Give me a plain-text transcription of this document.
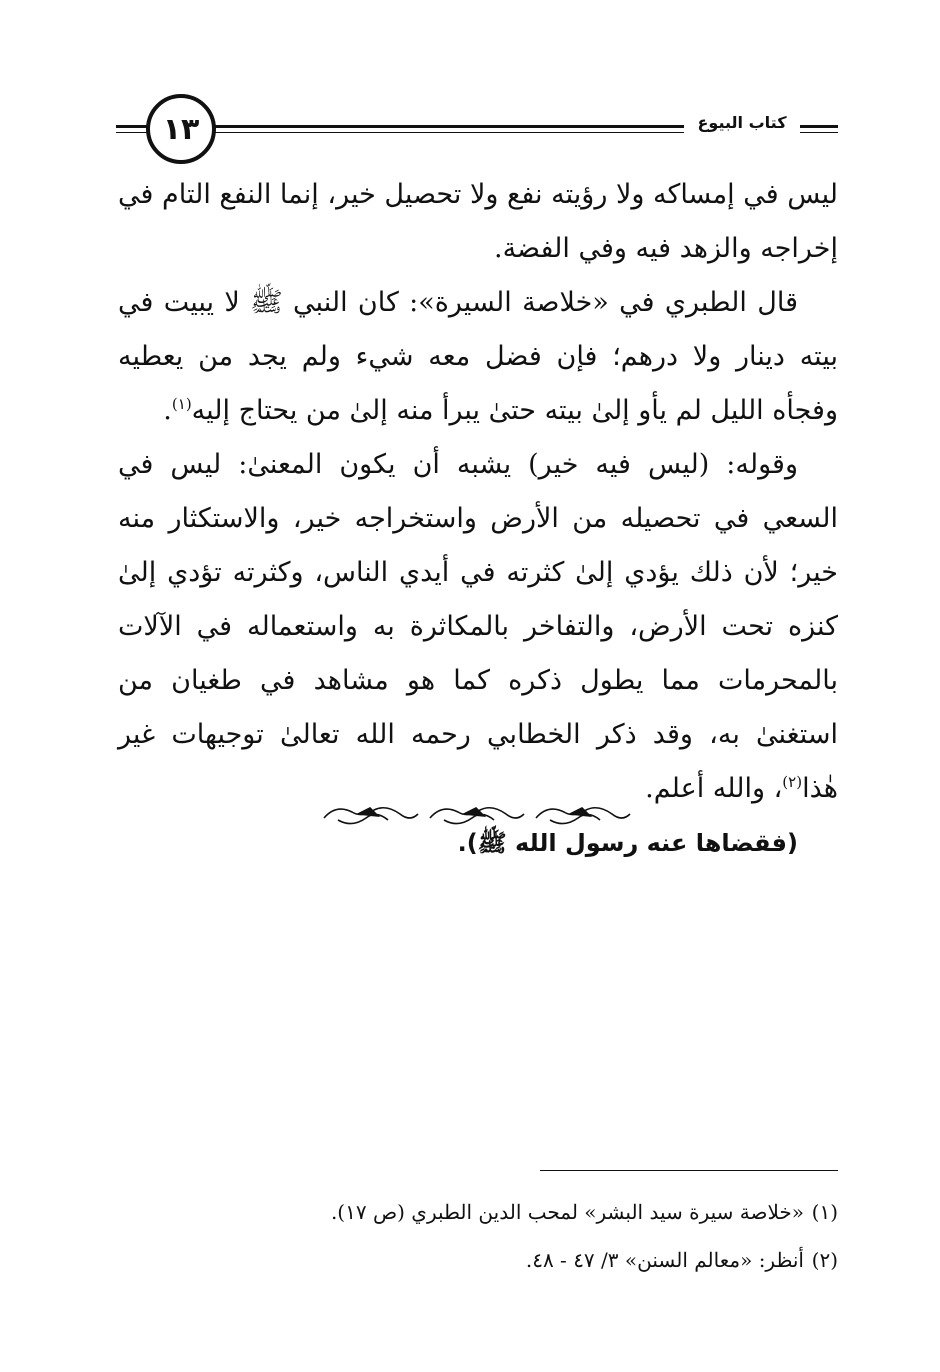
١٣	كتاب البيوع

ليس في إمساكه ولا رؤيته نفع ولا تحصيل خير، إنما النفع التام في إخراجه والزهد فيه وفي الفضة.

قال الطبري في «خلاصة السيرة»: كان النبي ﷺ لا يبيت في بيته دينار ولا درهم؛ فإن فضل معه شيء ولم يجد من يعطيه وفجأه الليل لم يأو إلىٰ بيته حتىٰ يبرأ منه إلىٰ من يحتاج إليه$^{(١)}$.

وقوله: (ليس فيه خير) يشبه أن يكون المعنىٰ: ليس في السعي في تحصيله من الأرض واستخراجه خير، والاستكثار منه خير؛ لأن ذلك يؤدي إلىٰ كثرته في أيدي الناس، وكثرته تؤدي إلىٰ كنزه تحت الأرض، والتفاخر بالمكاثرة به واستعماله في الآلات بالمحرمات مما يطول ذكره كما هو مشاهد في طغيان من استغنىٰ به، وقد ذكر الخطابي رحمه الله تعالىٰ توجيهات غير هٰذا$^{(٢)}$، والله أعلم.

(فقضاها عنه رسول الله ﷺ).

(١)«خلاصة سيرة سيد البشر» لمحب الدين الطبري (ص ١٧).

(٢)أنظر: «معالم السنن» ٣/ ٤٧ - ٤٨.
